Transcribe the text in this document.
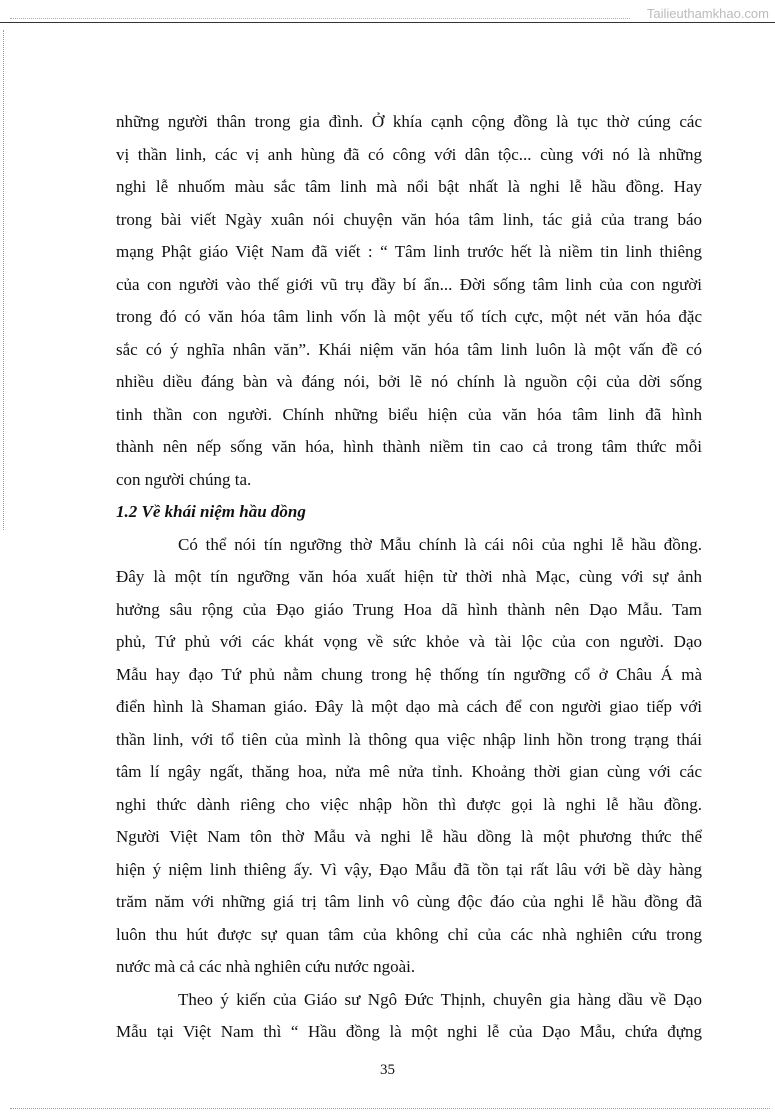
Tailieuthamkhao.com
những người thân trong gia đình. Ở khía cạnh cộng đồng là tục thờ cúng các
vị thần linh, các vị anh hùng đã có công với dân tộc... cùng với nó là những
nghi lễ nhuốm màu sắc tâm linh mà nổi bật nhất là nghi lễ hầu đồng. Hay
trong bài viết Ngày xuân nói chuyện văn hóa tâm linh, tác giả của trang báo
mạng Phật giáo Việt Nam đã viết : “ Tâm linh trước hết là niềm tin linh thiêng
của con người vào thế giới vũ trụ đầy bí ẩn... Đời sống tâm linh của con người
trong đó có văn hóa tâm linh vốn là một yếu tố tích cực, một nét văn hóa đặc
sắc có ý nghĩa nhân văn”. Khái niệm văn hóa tâm linh luôn là một vấn đề có
nhiều diều đáng bàn và đáng nói, bởi lẽ nó chính là nguồn cội của dời sống
tinh thần con người. Chính những biểu hiện của văn hóa tâm linh đã hình
thành nên nếp sống văn hóa, hình thành niềm tin cao cả trong tâm thức mỗi
con người chúng ta.
1.2 Về khái niệm hầu dồng
Có thể nói tín ngưỡng thờ Mẫu chính là cái nôi của nghi lễ hầu đồng.
Đây là một tín ngưỡng văn hóa xuất hiện từ thời nhà Mạc, cùng với sự ảnh
hưởng sâu rộng của Đạo giáo Trung Hoa dã hình thành nên Dạo Mẫu. Tam
phủ, Tứ phủ với các khát vọng về sức khỏe và tài lộc của con người. Dạo
Mẫu hay đạo Tứ phủ nằm chung trong hệ thống tín ngưỡng cổ ở Châu Á mà
điển hình là Shaman giáo. Đây là một dạo mà cách để con người giao tiếp với
thần linh, với tổ tiên của mình là thông qua việc nhập linh hồn trong trạng thái
tâm lí ngây ngất, thăng hoa, nửa mê nửa tỉnh. Khoảng thời gian cùng với các
nghi thức dành riêng cho việc nhập hồn thì được gọi là nghi lễ hầu đồng.
Người Việt Nam tôn thờ Mẫu và nghi lễ hầu dồng là một phương thức thể
hiện ý niệm linh thiêng ấy. Vì vậy, Đạo Mẫu đã tồn tại rất lâu với bề dày hàng
trăm năm với những giá trị tâm linh vô cùng độc đáo của nghi lễ hầu đồng đã
luôn thu hút được sự quan tâm của không chỉ của các nhà nghiên cứu trong
nước mà cả các nhà nghiên cứu nước ngoài.
Theo ý kiến của Giáo sư Ngô Đức Thịnh, chuyên gia hàng dầu về Dạo
Mẫu tại Việt Nam thì “ Hầu đồng là một nghi lễ của Dạo Mẫu, chứa đựng
35
